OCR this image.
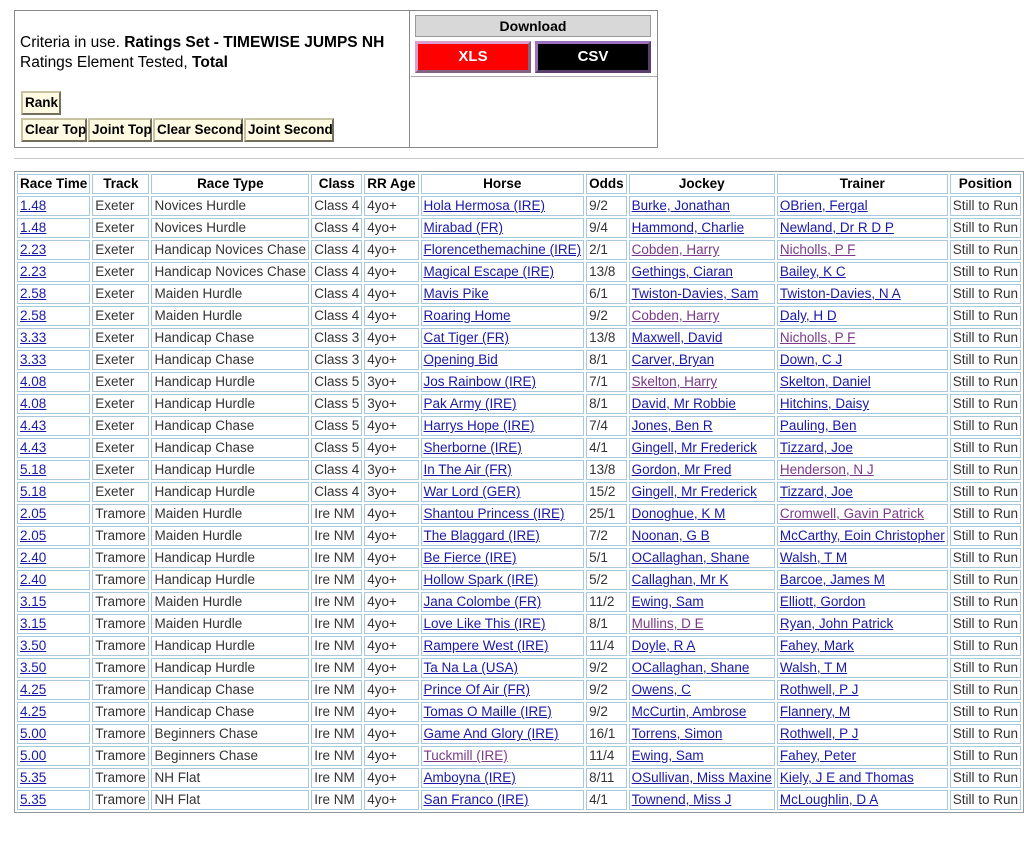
Criteria in use. Ratings Set - TIMEWISE JUMPS NH
Ratings Element Tested, Total
Rank
Clear Top Joint Top Clear Second Joint Second
Download
XLS	CSV
Race Time	Track	Race Type	Class	RR Age	Horse	Odds	Jockey	Trainer	Position
1.48	Exeter	Novices Hurdle	Class 4	4yo+	Hola Hermosa (IRE)	9/2	Burke, Jonathan	OBrien, Fergal	Still to Run
1.48	Exeter	Novices Hurdle	Class 4	4yo+	Mirabad (FR)	9/4	Hammond, Charlie	Newland, Dr R D P	Still to Run
2.23	Exeter	Handicap Novices Chase	Class 4	4yo+	Florencethemachine (IRE)	2/1	Cobden, Harry	Nicholls, P F	Still to Run
2.23	Exeter	Handicap Novices Chase	Class 4	4yo+	Magical Escape (IRE)	13/8	Gethings, Ciaran	Bailey, K C	Still to Run
2.58	Exeter	Maiden Hurdle	Class 4	4yo+	Mavis Pike	6/1	Twiston-Davies, Sam	Twiston-Davies, N A	Still to Run
2.58	Exeter	Maiden Hurdle	Class 4	4yo+	Roaring Home	9/2	Cobden, Harry	Daly, H D	Still to Run
3.33	Exeter	Handicap Chase	Class 3	4yo+	Cat Tiger (FR)	13/8	Maxwell, David	Nicholls, P F	Still to Run
3.33	Exeter	Handicap Chase	Class 3	4yo+	Opening Bid	8/1	Carver, Bryan	Down, C J	Still to Run
4.08	Exeter	Handicap Hurdle	Class 5	3yo+	Jos Rainbow (IRE)	7/1	Skelton, Harry	Skelton, Daniel	Still to Run
4.08	Exeter	Handicap Hurdle	Class 5	3yo+	Pak Army (IRE)	8/1	David, Mr Robbie	Hitchins, Daisy	Still to Run
4.43	Exeter	Handicap Chase	Class 5	4yo+	Harrys Hope (IRE)	7/4	Jones, Ben R	Pauling, Ben	Still to Run
4.43	Exeter	Handicap Chase	Class 5	4yo+	Sherborne (IRE)	4/1	Gingell, Mr Frederick	Tizzard, Joe	Still to Run
5.18	Exeter	Handicap Hurdle	Class 4	3yo+	In The Air (FR)	13/8	Gordon, Mr Fred	Henderson, N J	Still to Run
5.18	Exeter	Handicap Hurdle	Class 4	3yo+	War Lord (GER)	15/2	Gingell, Mr Frederick	Tizzard, Joe	Still to Run
2.05	Tramore	Maiden Hurdle	Ire NM	4yo+	Shantou Princess (IRE)	25/1	Donoghue, K M	Cromwell, Gavin Patrick	Still to Run
2.05	Tramore	Maiden Hurdle	Ire NM	4yo+	The Blaggard (IRE)	7/2	Noonan, G B	McCarthy, Eoin Christopher	Still to Run
2.40	Tramore	Handicap Hurdle	Ire NM	4yo+	Be Fierce (IRE)	5/1	OCallaghan, Shane	Walsh, T M	Still to Run
2.40	Tramore	Handicap Hurdle	Ire NM	4yo+	Hollow Spark (IRE)	5/2	Callaghan, Mr K	Barcoe, James M	Still to Run
3.15	Tramore	Maiden Hurdle	Ire NM	4yo+	Jana Colombe (FR)	11/2	Ewing, Sam	Elliott, Gordon	Still to Run
3.15	Tramore	Maiden Hurdle	Ire NM	4yo+	Love Like This (IRE)	8/1	Mullins, D E	Ryan, John Patrick	Still to Run
3.50	Tramore	Handicap Hurdle	Ire NM	4yo+	Rampere West (IRE)	11/4	Doyle, R A	Fahey, Mark	Still to Run
3.50	Tramore	Handicap Hurdle	Ire NM	4yo+	Ta Na La (USA)	9/2	OCallaghan, Shane	Walsh, T M	Still to Run
4.25	Tramore	Handicap Chase	Ire NM	4yo+	Prince Of Air (FR)	9/2	Owens, C	Rothwell, P J	Still to Run
4.25	Tramore	Handicap Chase	Ire NM	4yo+	Tomas O Maille (IRE)	9/2	McCurtin, Ambrose	Flannery, M	Still to Run
5.00	Tramore	Beginners Chase	Ire NM	4yo+	Game And Glory (IRE)	16/1	Torrens, Simon	Rothwell, P J	Still to Run
5.00	Tramore	Beginners Chase	Ire NM	4yo+	Tuckmill (IRE)	11/4	Ewing, Sam	Fahey, Peter	Still to Run
5.35	Tramore	NH Flat	Ire NM	4yo+	Amboyna (IRE)	8/11	OSullivan, Miss Maxine	Kiely, J E and Thomas	Still to Run
5.35	Tramore	NH Flat	Ire NM	4yo+	San Franco (IRE)	4/1	Townend, Miss J	McLoughlin, D A	Still to Run
